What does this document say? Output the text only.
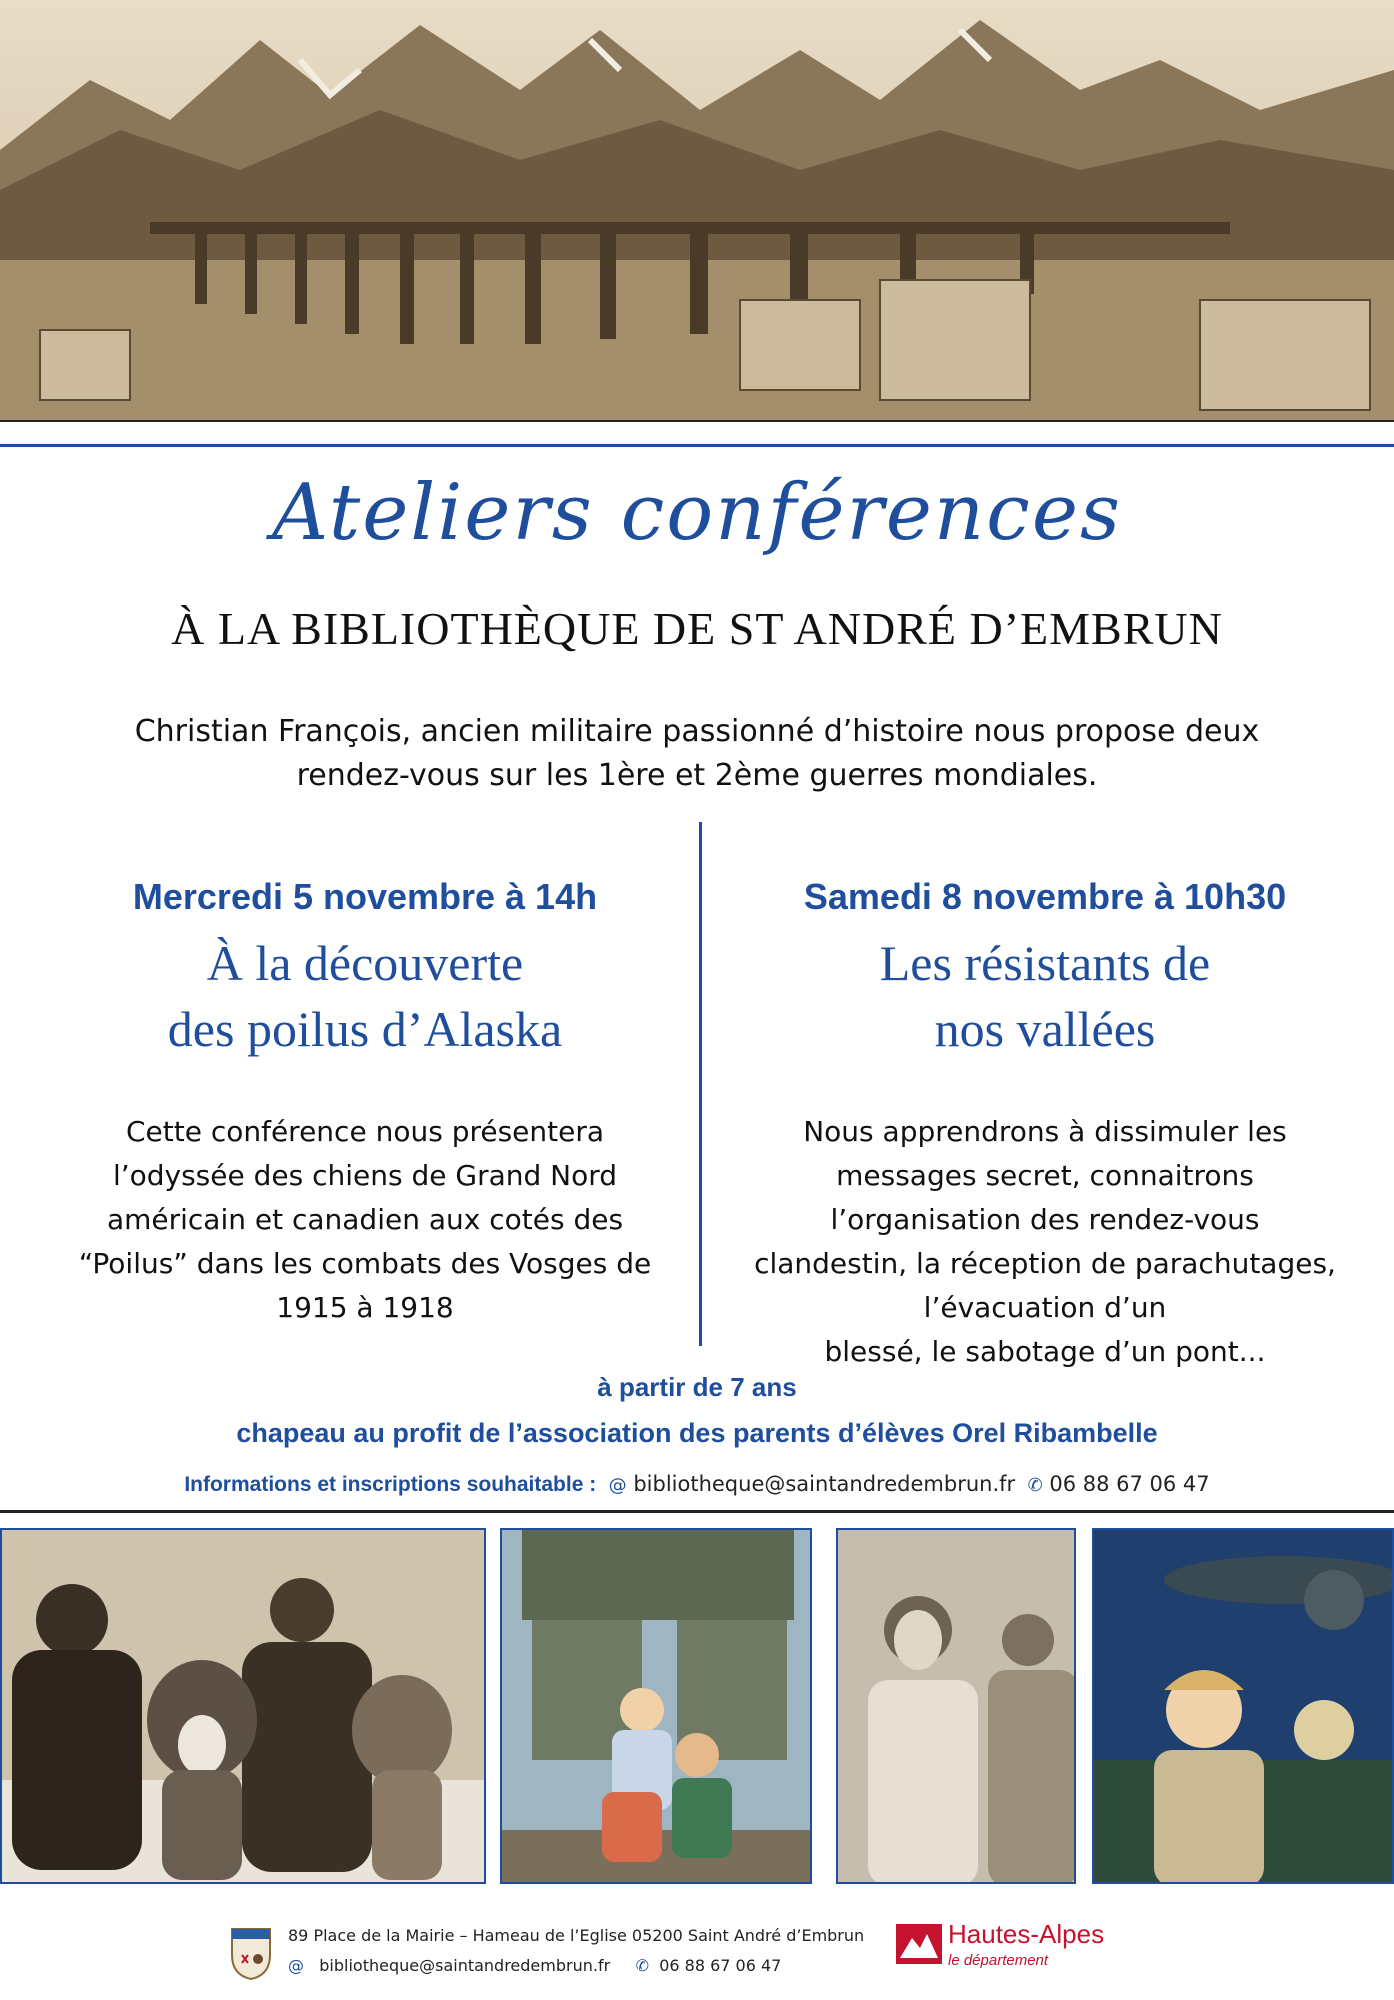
Ateliers conférences
À LA BIBLIOTHÈQUE DE ST ANDRÉ D’EMBRUN
Christian François, ancien militaire passionné d’histoire nous propose deux
rendez-vous sur les 1ère et 2ème guerres mondiales.
Mercredi 5 novembre à 14h
À la découverte
des poilus d’Alaska
Cette conférence nous présentera
l’odyssée des chiens de Grand Nord
américain et canadien aux cotés des
“Poilus” dans les combats des Vosges de
1915 à 1918
Samedi 8 novembre à 10h30
Les résistants de
nos vallées
Nous apprendrons à dissimuler les
messages secret, connaitrons
l’organisation des rendez-vous
clandestin, la réception de parachutages,
l’évacuation d’un
blessé, le sabotage d’un pont...
à partir de 7 ans
chapeau au profit de l’association des parents d’élèves Orel Ribambelle
Informations et inscriptions souhaitable :  @ bibliotheque@saintandredembrun.fr  ✆ 06 88 67 06 47
89 Place de la Mairie – Hameau de l’Eglise 05200 Saint André d’Embrun
@ bibliotheque@saintandredembrun.fr ✆ 06 88 67 06 47
Hautes-Alpes
le département
